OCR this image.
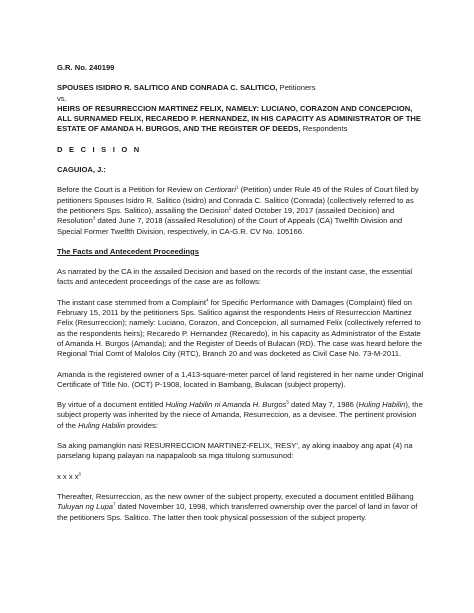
G.R. No. 240199

SPOUSES ISIDRO R. SALITICO AND CONRADA C. SALITICO, Petitioners

vs.

HEIRS OF RESURRECCION MARTINEZ FELIX, NAMELY: LUCIANO, CORAZON AND CONCEPCION, ALL SURNAMED FELIX, RECAREDO P. HERNANDEZ, IN HIS CAPACITY AS ADMINISTRATOR OF THE ESTATE OF AMANDA H. BURGOS, AND THE REGISTER OF DEEDS, Respondents

D E C I S I O N

CAGUIOA, J.:

Before the Court is a Petition for Review on Certiorari$^1$ (Petition) under Rule 45 of the Rules of Court filed by petitioners Spouses Isidro R. Salitico (Isidro) and Conrada C. Salitico (Conrada) (collectively referred to as the petitioners Sps. Salitico), assailing the Decision$^2$ dated October 19, 2017 (assailed Decision) and Resolution$^3$ dated June 7, 2018 (assailed Resolution) of the Court of Appeals (CA) Twelfth Division and Special Former Twelfth Division, respectively, in CA-G.R. CV No. 105166.

The Facts and Antecedent Proceedings

As narrated by the CA in the assailed Decision and based on the records of the instant case, the essential facts and antecedent proceedings of the case are as follows:

The instant case stemmed from a Complaint$^4$ for Specific Performance with Damages (Complaint) filed on February 15, 2011 by the petitioners Sps. Salitico against the respondents Heirs of Resurreccion Martinez Felix (Resurreccion); namely: Luciano, Corazon, and Concepcion, all surnamed Felix (collectively referred to as the respondents heirs); Recaredo P. Hernandez (Recaredo), in his capacity as Administrator of the Estate of Amanda H. Burgos (Amanda); and the Register of Deeds of Bulacan (RD). The case was heard before the Regional Trial Comt of Malolos City (RTC), Branch 20 and was docketed as Civil Case No. 73-M-2011.

Amanda is the registered owner of a 1,413-square-meter parcel of land registered in her name under Original Certificate of Title No. (OCT) P-1908, located in Bambang, Bulacan (subject property).

By virtue of a document entitled Huling Habilin ni Amanda H. Burgos$^5$ dated May 7, 1986 (Huling Habilin), the subject property was inherited by the niece of Amanda, Resurreccion, as a devisee. The pertinent provision of the Huling Habilin provides:

Sa aking pamangkin nasi RESURRECCION MARTINEZ-FELIX, 'RESY', ay aking inaaboy ang apat (4) na parselang lupang palayan na napapaloob sa mga titulong sumusunod:

x x x $x^6$

Thereafter, Resurreccion, as the new owner of the subject property, executed a document entitled Bilihang Tuluyan ng Lupa$^7$ dated November 10, 1998, which transferred ownership over the parcel of land in favor of the petitioners Sps. Salitico. The latter then took physical possession of the subject property.
